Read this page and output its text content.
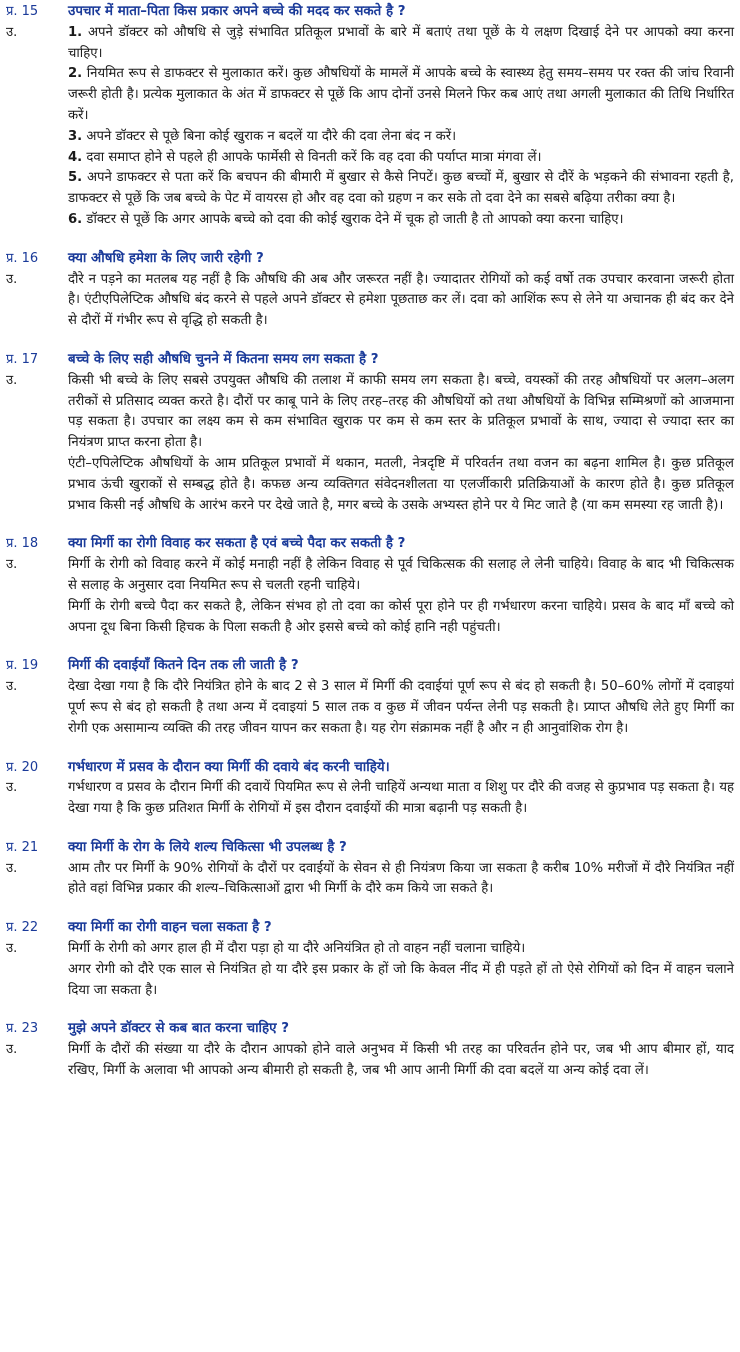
प्र. 15	उपचार में माता–पिता किस प्रकार अपने बच्चे की मदद कर सकते है ?
उ.	1. अपने डॉक्टर को औषधि से जुड़े संभावित प्रतिकूल प्रभावों के बारे में बताएं तथा पूछें के ये लक्षण दिखाई देने पर आपको क्या करना चाहिए।

2. नियमित रूप से डाफक्टर से मुलाकात करें। कुछ औषधियों के मामलें में आपके बच्चे के स्वास्थ्य हेतु समय–समय पर रक्त की जांच रिवानी जरूरी होती है। प्रत्येक मुलाकात के अंत में डाफक्टर से पूछें कि आप दोनों उनसे मिलने फिर कब आएं तथा अगली मुलाकात की तिथि निर्धारित करें।

3. अपने डॉक्टर से पूछे बिना कोई खुराक न बदलें या दौरे की दवा लेना बंद न करें।

4. दवा समाप्त होने से पहले ही आपके फार्मेसी से विनती करें कि वह दवा की पर्याप्त मात्रा मंगवा लें।

5. अपने डाफक्टर से पता करें कि बचपन की बीमारी में बुखार से कैसे निपटें। कुछ बच्चों में, बुखार से दौरें के भड़कने की संभावना रहती है, डाफक्टर से पूछें कि जब बच्चे के पेट में वायरस हो और वह दवा को ग्रहण न कर सके तो दवा देने का सबसे बढ़िया तरीका क्या है।

6. डॉक्टर से पूछें कि अगर आपके बच्चे को दवा की कोई खुराक देने में चूक हो जाती है तो आपको क्या करना चाहिए।

प्र. 16	क्या औषधि हमेशा के लिए जारी रहेगी ?
उ.	दौरे न पड़ने का मतलब यह नहीं है कि औषधि की अब और जरूरत नहीं है। ज्यादातर रोगियों को कई वर्षो तक उपचार करवाना जरूरी होता है। एंटीएपिलेप्टिक औषधि बंद करने से पहले अपने डॉक्टर से हमेशा पूछताछ कर लें। दवा को आशिंक रूप से लेने या अचानक ही बंद कर देने से दौरों में गंभीर रूप से वृद्धि हो सकती है।

प्र. 17	बच्चे के लिए सही औषधि चुनने में कितना समय लग सकता है ?
उ.	किसी भी बच्चे के लिए सबसे उपयुक्त औषधि की तलाश में काफी समय लग सकता है। बच्चे, वयस्कों की तरह औषधियों पर अलग–अलग तरीकों से प्रतिसाद व्यक्त करते है। दौरों पर काबू पाने के लिए तरह–तरह की औषधियों को तथा औषधियों के विभिन्न सम्मिश्रणों को आजमाना पड़ सकता है। उपचार का लक्ष्य कम से कम संभावित खुराक पर कम से कम स्तर के प्रतिकूल प्रभावों के साथ, ज्यादा से ज्यादा स्तर का नियंत्रण प्राप्त करना होता है।

एंटी–एपिलेप्टिक औषधियों के आम प्रतिकूल प्रभावों में थकान, मतली, नेत्रदृष्टि में परिवर्तन तथा वजन का बढ़ना शामिल है। कुछ प्रतिकूल प्रभाव ऊंची खुराकों से सम्बद्ध होते है। कफछ अन्य व्यक्तिगत संवेदनशीलता या एलर्जीकारी प्रतिक्रियाओं के कारण होते है। कुछ प्रतिकूल प्रभाव किसी नई औषधि के आरंभ करने पर देखे जाते है, मगर बच्चे के उसके अभ्यस्त होने पर ये मिट जाते है (या कम समस्या रह जाती है)।

प्र. 18	क्या मिर्गी का रोगी विवाह कर सकता है एवं बच्चे पैदा कर सकती है ?
उ.	मिर्गी के रोगी को विवाह करने में कोई मनाही नहीं है लेकिन विवाह से पूर्व चिकित्सक की सलाह ले लेनी चाहिये। विवाह के बाद भी चिकित्सक से सलाह के अनुसार दवा नियमित रूप से चलती रहनी चाहिये।

मिर्गी के रोगी बच्चे पैदा कर सकते है, लेकिन संभव हो तो दवा का कोर्स पूरा होने पर ही गर्भधारण करना चाहिये। प्रसव के बाद माँ बच्चे को अपना दूध बिना किसी हिचक के पिला सकती है ओर इससे बच्चे को कोई हानि नही पहुंचती।

प्र. 19	मिर्गी की दवाईयाँ कितने दिन तक ली जाती है ?
उ.	देखा देखा गया है कि दौरे नियंत्रित होने के बाद 2 से 3 साल में मिर्गी की दवाईयां पूर्ण रूप से बंद हो सकती है। 50–60% लोगों में दवाइयां पूर्ण रूप से बंद हो सकती है तथा अन्य में दवाइयां 5 साल तक व कुछ में जीवन पर्यन्त लेनी पड़ सकती है। प्र्याप्त औषधि लेते हुए मिर्गी का रोगी एक असामान्य व्यक्ति की तरह जीवन यापन कर सकता है। यह रोग संक्रामक नहीं है और न ही आनुवांशिक रोग है।

प्र. 20	गर्भधारण में प्रसव के दौरान क्या मिर्गी की दवाये बंद करनी चाहिये।
उ.	गर्भधारण व प्रसव के दौरान मिर्गी की दवायें पियमित रूप से लेनी चाहियें अन्यथा माता व शिशु पर दौरे की वजह से कुप्रभाव पड़ सकता है। यह देखा गया है कि कुछ प्रतिशत मिर्गी के रोगियों में इस दौरान दवाईयों की मात्रा बढ़ानी पड़ सकती है।

प्र. 21	क्या मिर्गी के रोग के लिये शल्य चिकित्सा भी उपलब्ध है ?
उ.	आम तौर पर मिर्गी के 90% रोगियों के दौरों पर दवाईयों के सेवन से ही नियंत्रण किया जा सकता है करीब 10% मरीजों में दौरे नियंत्रित नहीं होते वहां विभिन्न प्रकार की शल्य–चिकित्साओं द्वारा भी मिर्गी के दौरे कम किये जा सकते है।

प्र. 22	क्या मिर्गी का रोगी वाहन चला सकता है ?
उ.	मिर्गी के रोगी को अगर हाल ही में दौरा पड़ा हो या दौरे अनियंत्रित हो तो वाहन नहीं चलाना चाहिये।

अगर रोगी को दौरे एक साल से नियंत्रित हो या दौरे इस प्रकार के हों जो कि केवल नींद में ही पड़ते हों तो ऐसे रोगियों को दिन में वाहन चलाने दिया जा सकता है।

प्र. 23	मुझे अपने डॉक्टर से कब बात करना चाहिए ?
उ.	मिर्गी के दौरों की संख्या या दौरे के दौरान आपको होने वाले अनुभव में किसी भी तरह का परिवर्तन होने पर, जब भी आप बीमार हों, याद रखिए, मिर्गी के अलावा भी आपको अन्य बीमारी हो सकती है, जब भी आप आनी मिर्गी की दवा बदलें या अन्य कोई दवा लें।
